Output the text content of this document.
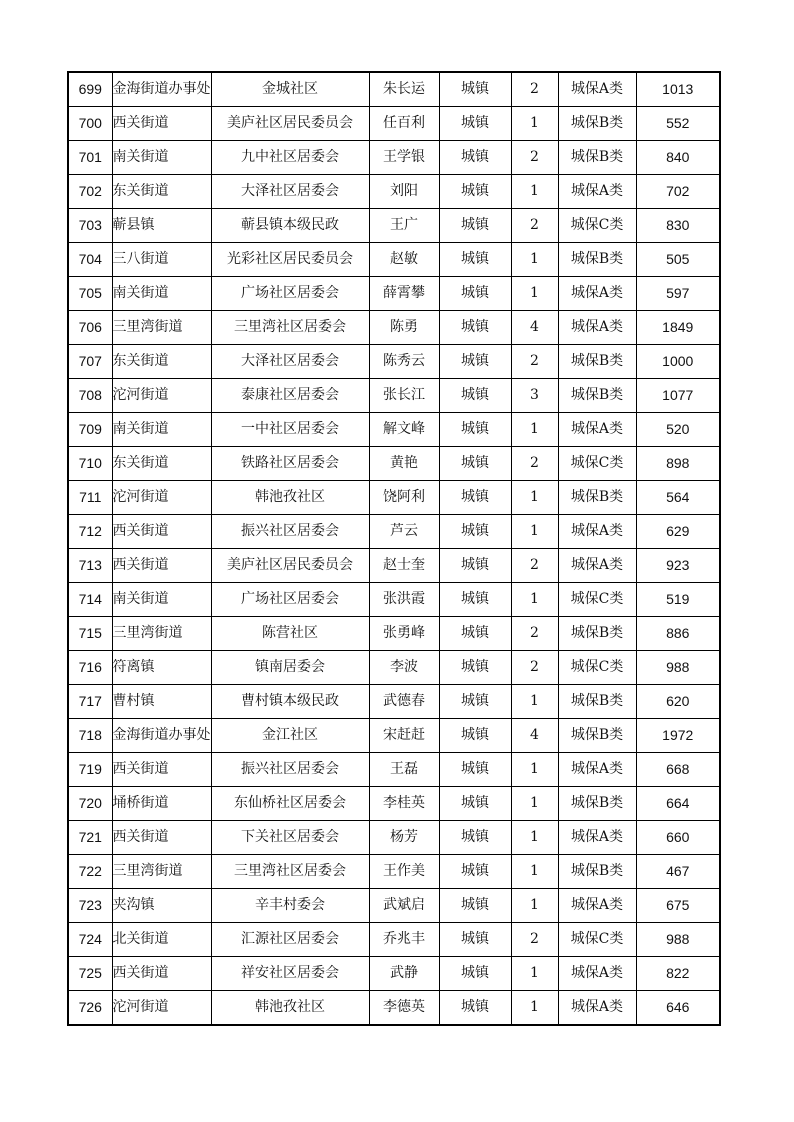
699	金海街道办事处	金城社区	朱长运	城镇	2	城保A类	1013
700	西关街道	美庐社区居民委员会	任百利	城镇	1	城保B类	552
701	南关街道	九中社区居委会	王学银	城镇	2	城保B类	840
702	东关街道	大泽社区居委会	刘阳	城镇	1	城保A类	702
703	蕲县镇	蕲县镇本级民政	王广	城镇	2	城保C类	830
704	三八街道	光彩社区居民委员会	赵敏	城镇	1	城保B类	505
705	南关街道	广场社区居委会	薛霄攀	城镇	1	城保A类	597
706	三里湾街道	三里湾社区居委会	陈勇	城镇	4	城保A类	1849
707	东关街道	大泽社区居委会	陈秀云	城镇	2	城保B类	1000
708	沱河街道	泰康社区居委会	张长江	城镇	3	城保B类	1077
709	南关街道	一中社区居委会	解文峰	城镇	1	城保A类	520
710	东关街道	铁路社区居委会	黄艳	城镇	2	城保C类	898
711	沱河街道	韩池孜社区	饶阿利	城镇	1	城保B类	564
712	西关街道	振兴社区居委会	芦云	城镇	1	城保A类	629
713	西关街道	美庐社区居民委员会	赵士奎	城镇	2	城保A类	923
714	南关街道	广场社区居委会	张洪霞	城镇	1	城保C类	519
715	三里湾街道	陈营社区	张勇峰	城镇	2	城保B类	886
716	符离镇	镇南居委会	李波	城镇	2	城保C类	988
717	曹村镇	曹村镇本级民政	武德春	城镇	1	城保B类	620
718	金海街道办事处	金江社区	宋赶赶	城镇	4	城保B类	1972
719	西关街道	振兴社区居委会	王磊	城镇	1	城保A类	668
720	埇桥街道	东仙桥社区居委会	李桂英	城镇	1	城保B类	664
721	西关街道	下关社区居委会	杨芳	城镇	1	城保A类	660
722	三里湾街道	三里湾社区居委会	王作美	城镇	1	城保B类	467
723	夹沟镇	辛丰村委会	武斌启	城镇	1	城保A类	675
724	北关街道	汇源社区居委会	乔兆丰	城镇	2	城保C类	988
725	西关街道	祥安社区居委会	武静	城镇	1	城保A类	822
726	沱河街道	韩池孜社区	李德英	城镇	1	城保A类	646
